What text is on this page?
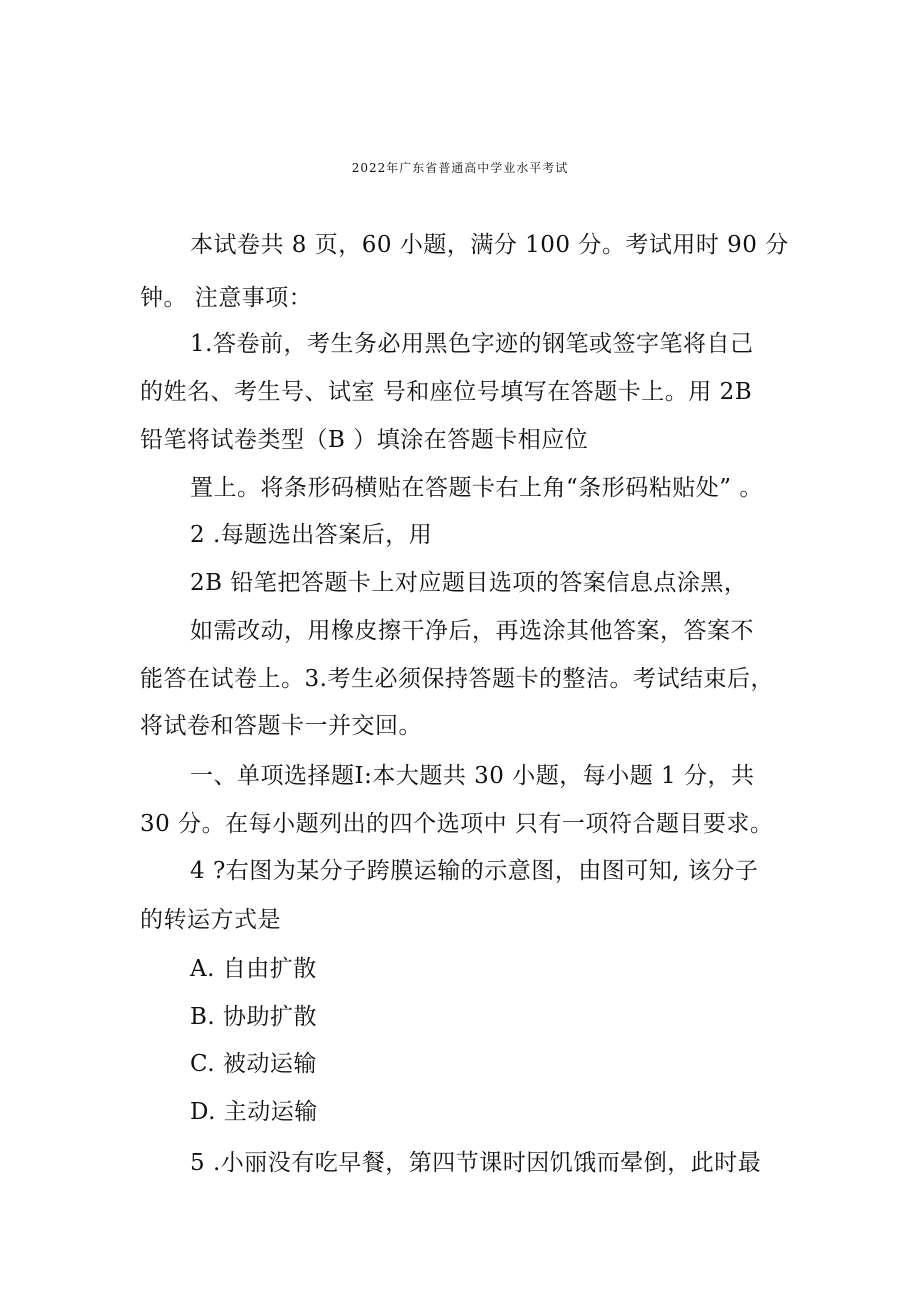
2022年广东省普通高中学业水平考试
本试卷共 8 页，60 小题，满分 100 分。考试用时 90 分
钟。 注意事项：
1.答卷前，考生务必用黑色字迹的钢笔或签字笔将自己
的姓名、考生号、试室 号和座位号填写在答题卡上。用 2B
铅笔将试卷类型（B ）填涂在答题卡相应位
置上。将条形码横贴在答题卡右上角“条形码粘贴处” 。
2 .每题选出答案后，用
2B 铅笔把答题卡上对应题目选项的答案信息点涂黑，
如需改动，用橡皮擦干净后，再选涂其他答案，答案不
能答在试卷上。3.考生必须保持答题卡的整洁。考试结束后，
将试卷和答题卡一并交回。
一、单项选择题Ⅰ:本大题共 30 小题，每小题 1 分，共
30 分。在每小题列出的四个选项中 只有一项符合题目要求。
4 ?右图为某分子跨膜运输的示意图，由图可知, 该分子
的转运方式是
A. 自由扩散
B. 协助扩散
C. 被动运输
D. 主动运输
5 .小丽没有吃早餐，第四节课时因饥饿而晕倒，此时最
